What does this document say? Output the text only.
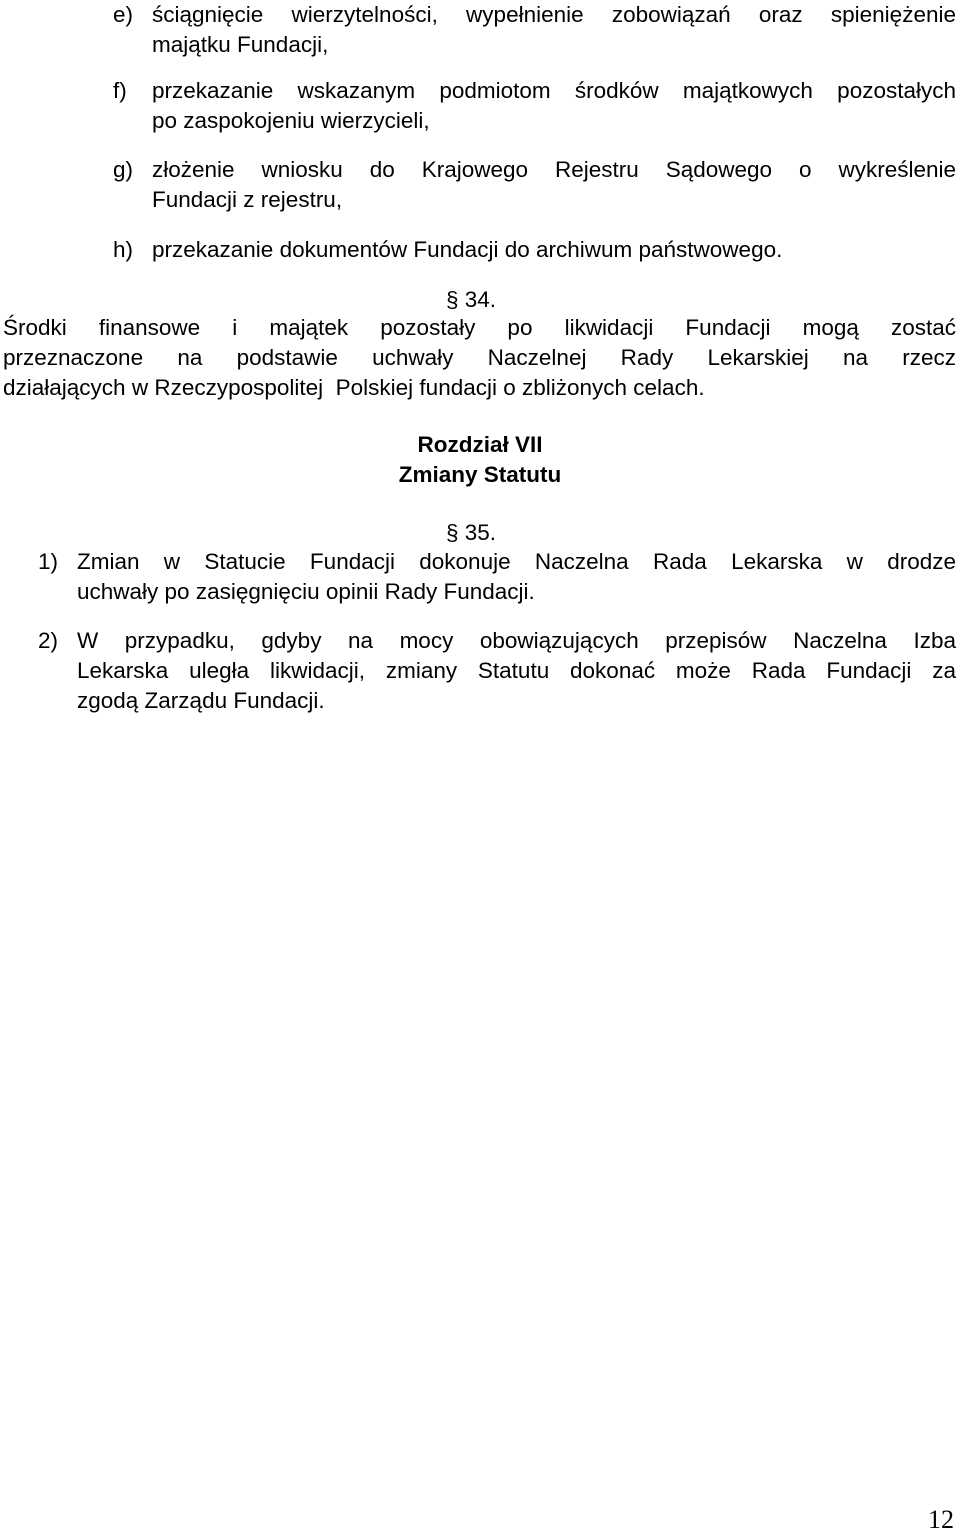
e) ściągnięcie wierzytelności, wypełnienie zobowiązań oraz spieniężenie
majątku Fundacji,
f) przekazanie wskazanym podmiotom środków majątkowych pozostałych
po zaspokojeniu wierzycieli,
g) złożenie wniosku do Krajowego Rejestru Sądowego o wykreślenie
Fundacji z rejestru,
h) przekazanie dokumentów Fundacji do archiwum państwowego.
§ 34.
Środki finansowe i majątek pozostały po likwidacji Fundacji mogą zostać
przeznaczone na podstawie uchwały Naczelnej Rady Lekarskiej na rzecz
działających w Rzeczypospolitej  Polskiej fundacji o zbliżonych celach.
Rozdział VII
Zmiany Statutu
§ 35.
1) Zmian w Statucie Fundacji dokonuje Naczelna Rada Lekarska w drodze
uchwały po zasięgnięciu opinii Rady Fundacji.
2) W przypadku, gdyby na mocy obowiązujących przepisów Naczelna Izba
Lekarska uległa likwidacji, zmiany Statutu dokonać może Rada Fundacji za
zgodą Zarządu Fundacji.
12
